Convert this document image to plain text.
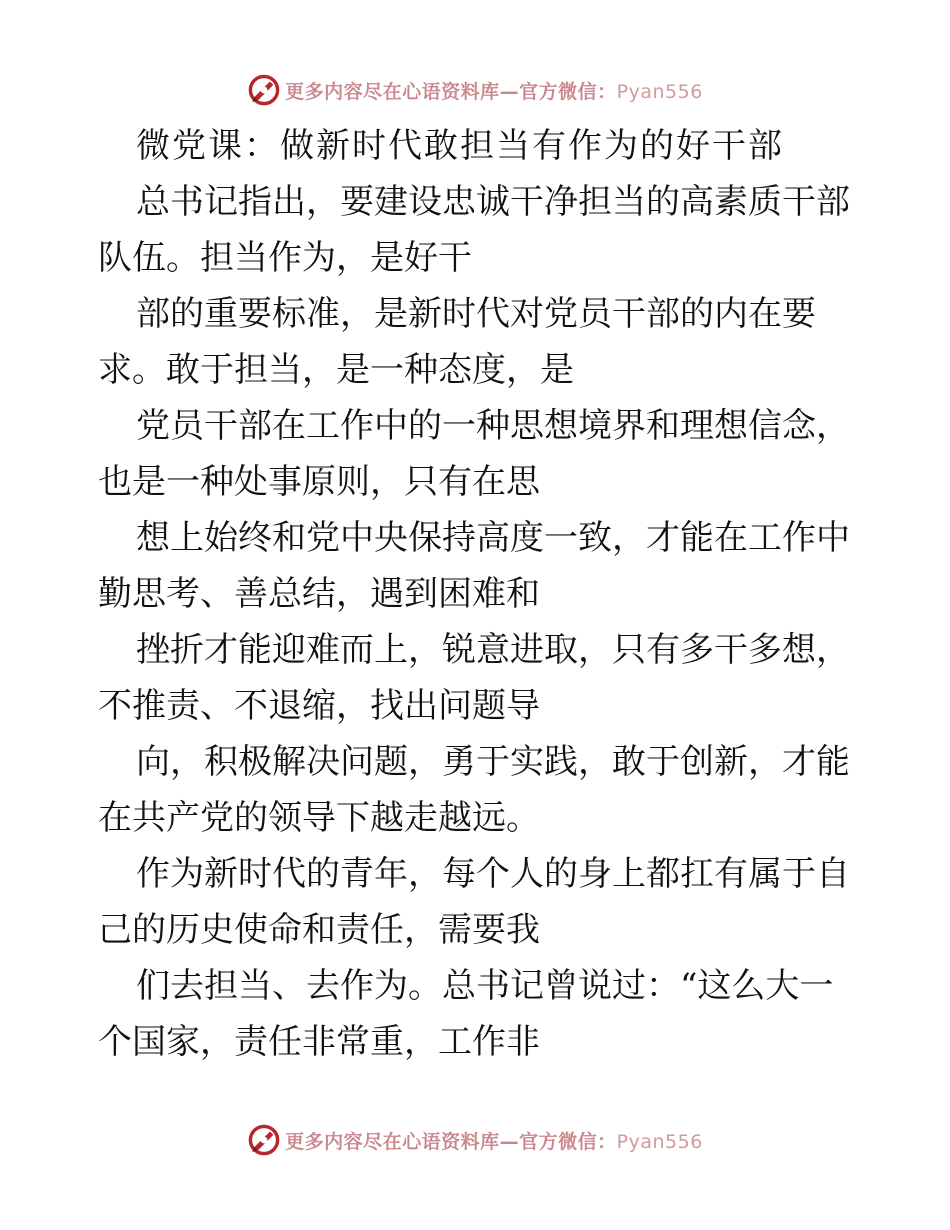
更多内容尽在心语资料库—官方微信：Pyan556
微党课：做新时代敢担当有作为的好干部
总书记指出，要建设忠诚干净担当的高素质干部
队伍。担当作为，是好干
部的重要标准，是新时代对党员干部的内在要
求。敢于担当，是一种态度，是
党员干部在工作中的一种思想境界和理想信念，
也是一种处事原则，只有在思
想上始终和党中央保持高度一致，才能在工作中
勤思考、善总结，遇到困难和
挫折才能迎难而上，锐意进取，只有多干多想，
不推责、不退缩，找出问题导
向，积极解决问题，勇于实践，敢于创新，才能
在共产党的领导下越走越远。
作为新时代的青年，每个人的身上都扛有属于自
己的历史使命和责任，需要我
们去担当、去作为。总书记曾说过：“这么大一
个国家，责任非常重，工作非
更多内容尽在心语资料库—官方微信：Pyan556
